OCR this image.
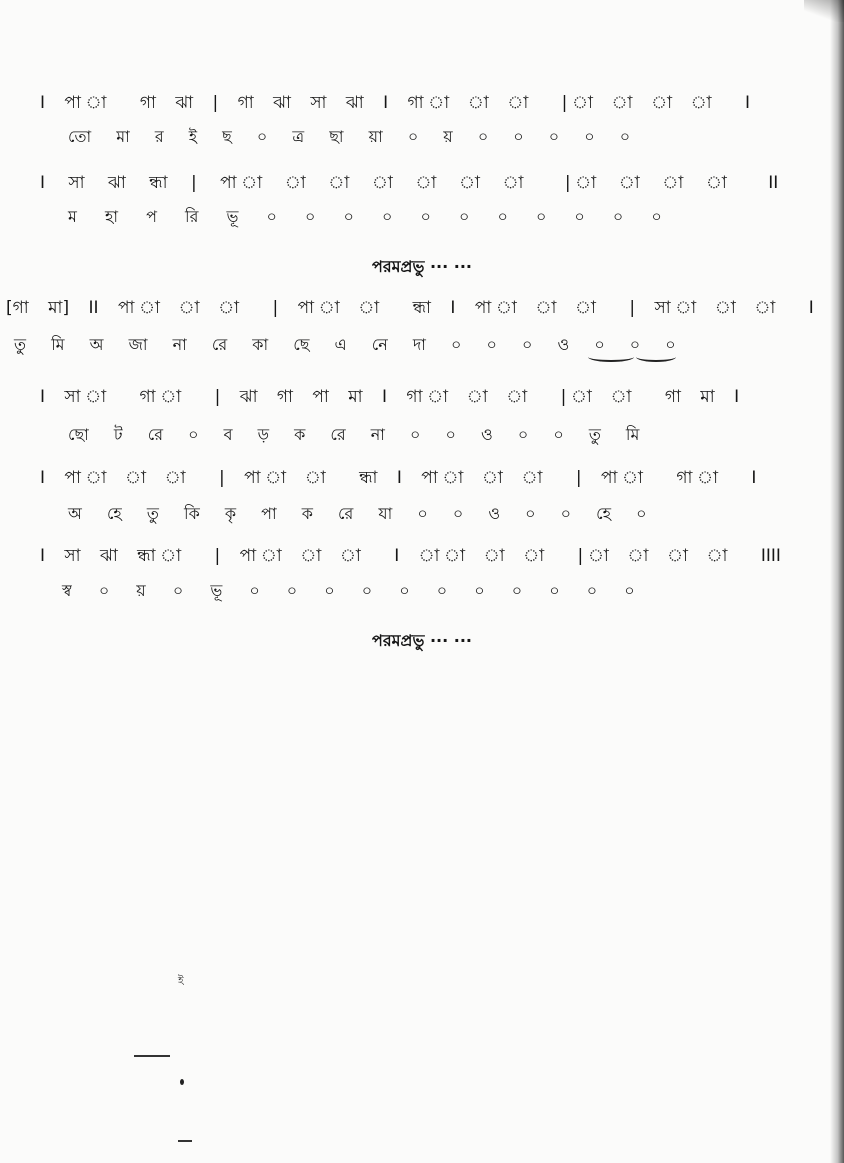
I পা া গা ঝা | গা ঝা সা ঝা I গা া া া | া া া া I
তো মা র ই ছ ০ ত্র ছা য়া ০ য় ০ ০ ০ ০ ০
I সা ঝা ন্ধা | পা া া া া া া া | া া া া II
ম হা প রি ভূ ০ ০ ০ ০ ০ ০ ০ ০ ০ ০ ০
পরমপ্রভু ··· ···
[গা মা] II পা া া া | পা া া ন্ধা I পা া া া | সা া া া I
তু মি অ জা না রে কা ছে এ নে দা ০ ০ ০ ও ০ ০ ০
I সা া গা া | ঝা গা পা মা I গা া া া | া া গা মা I
ছো ট রে ০ ব ড় ক রে না ০ ০ ও ০ ০ তু মি
I পা া া া | পা া া ন্ধা I পা া া া | পা া গা া I
অ হে তু কি কৃ পা ক রে যা ০ ০ ও ০ ০ হে ০
I সা ঝা ন্ধা া | পা া া া I া া া া | া া া া IIII
স্ব ০ য় ০ ভূ ০ ০ ০ ০ ০ ০ ০ ০ ০ ০ ০
পরমপ্রভু ··· ···
ই
